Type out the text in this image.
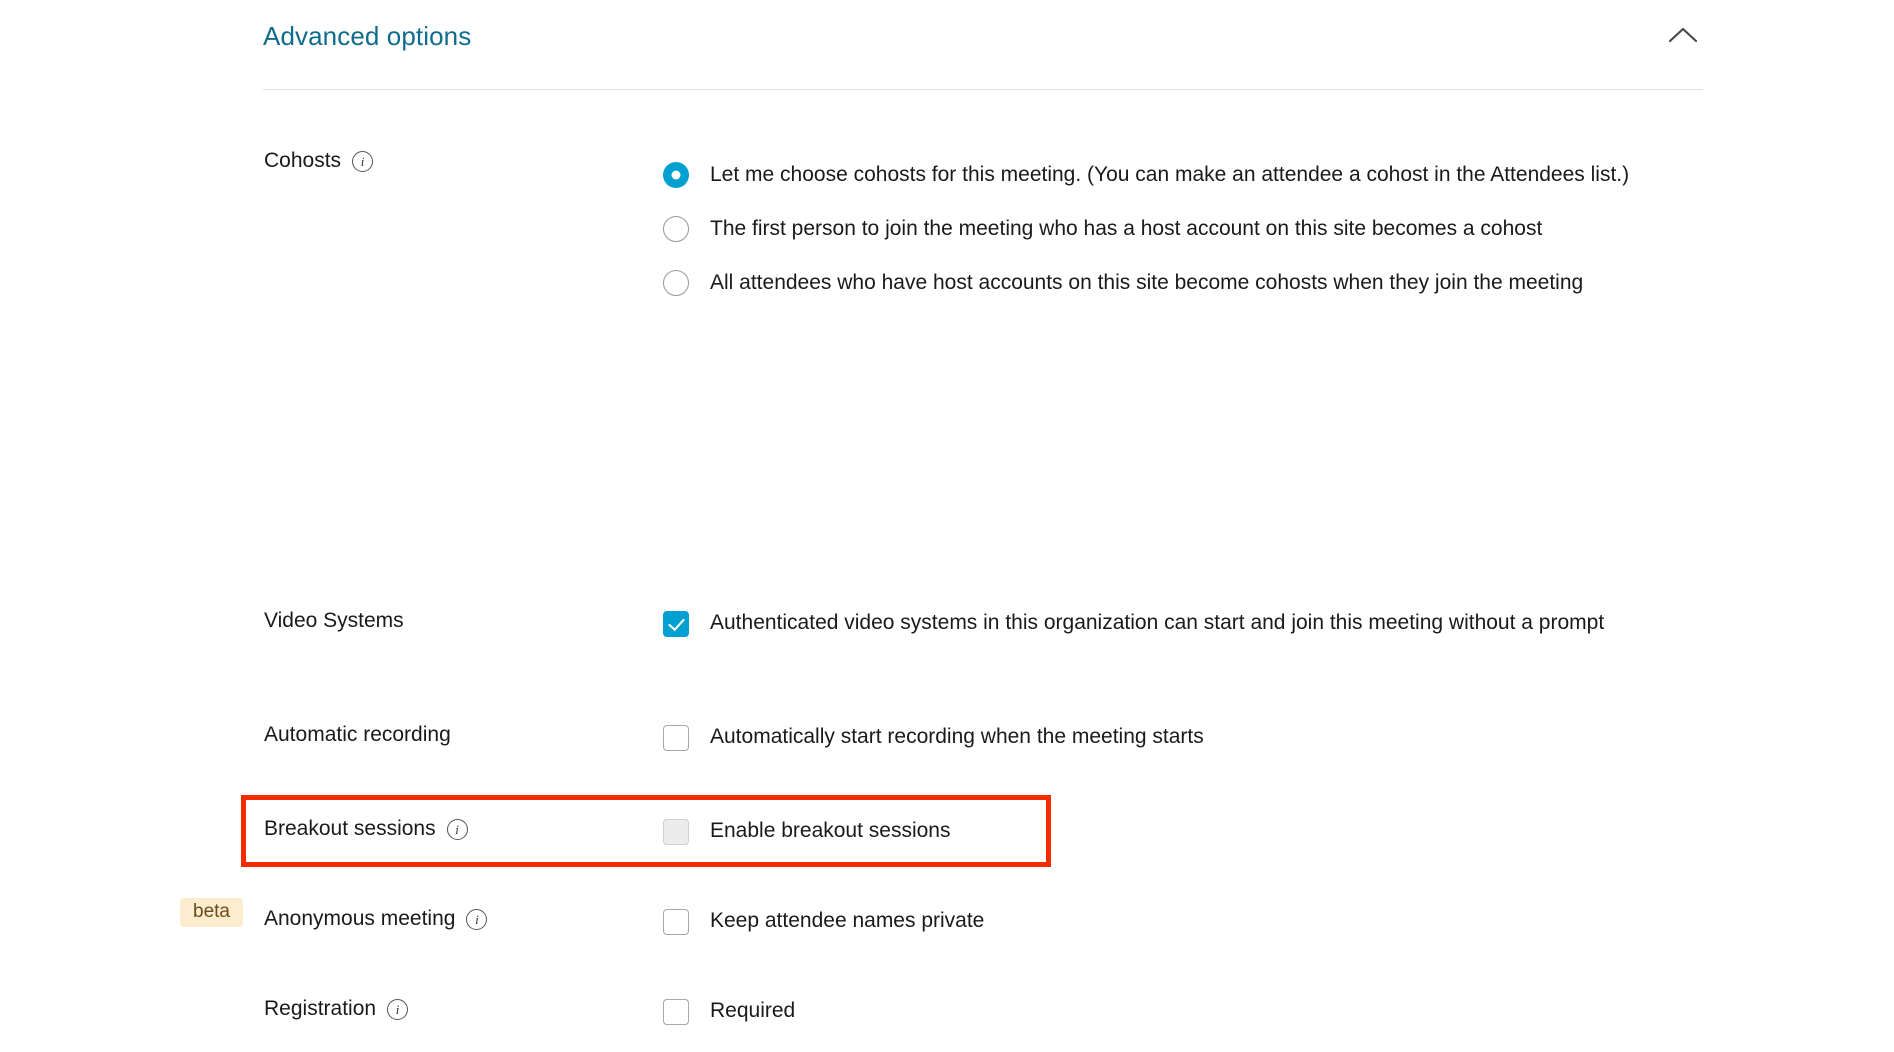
Advanced options
Cohosts	i
Let me choose cohosts for this meeting. (You can make an attendee a cohost in the Attendees list.)
The first person to join the meeting who has a host account on this site becomes a cohost
All attendees who have host accounts on this site become cohosts when they join the meeting
Video Systems	Authenticated video systems in this organization can start and join this meeting without a prompt
Automatic recording	Automatically start recording when the meeting starts
Breakout sessions	i	Enable breakout sessions
beta	Anonymous meeting	i	Keep attendee names private
Registration	i	Required
